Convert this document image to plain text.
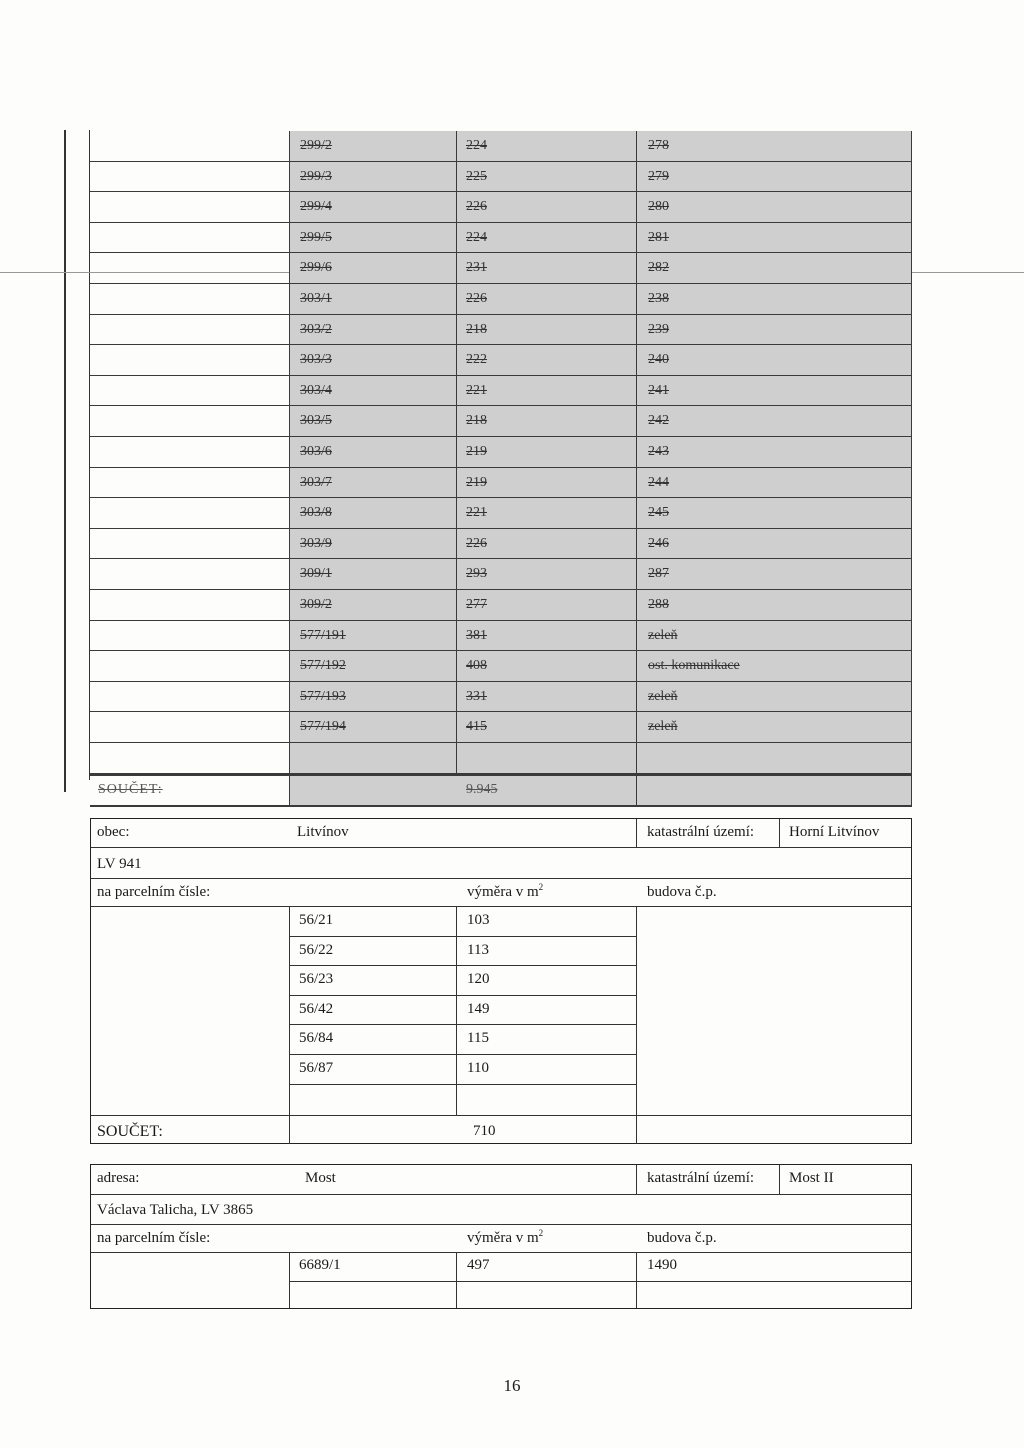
299/2	224	278
299/3	225	279
299/4	226	280
299/5	224	281
299/6	231	282
303/1	226	238
303/2	218	239
303/3	222	240
303/4	221	241
303/5	218	242
303/6	219	243
303/7	219	244
303/8	221	245
303/9	226	246
309/1	293	287
309/2	277	288
577/191	381	zeleň
577/192	408	ost. komunikace
577/193	331	zeleň
577/194	415	zeleň
SOUČET:	9.945
obec:	Litvínov	katastrální území: Horní Litvínov
LV 941
na parcelním čísle:	výměra v $m^2$	budova č.p.
56/21	103
56/22	113
56/23	120
56/42	149
56/84	115
56/87	110
SOUČET:	710
adresa:	Most	katastrální území: Most II
Václava Talicha, LV 3865
na parcelním čísle:	výměra v $m^2$	budova č.p.
6689/1	497	1490
16
